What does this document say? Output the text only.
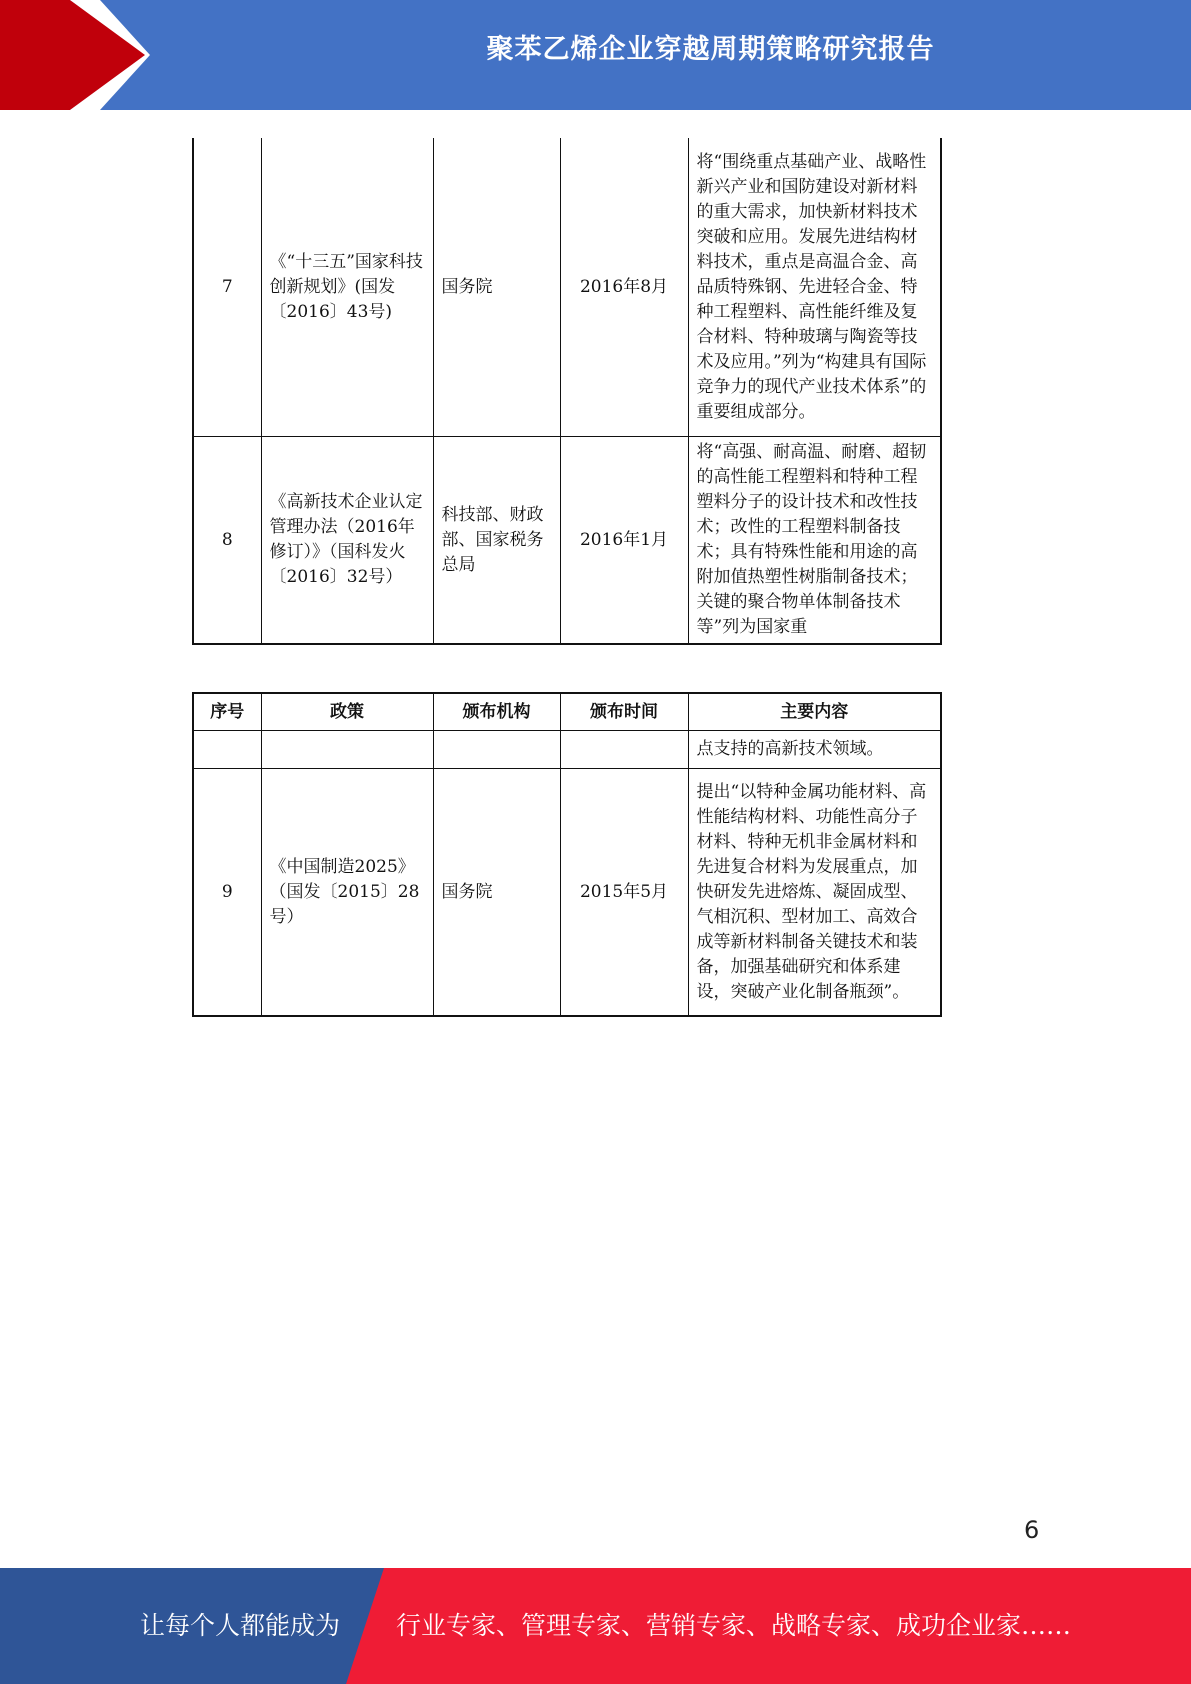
聚苯乙烯企业穿越周期策略研究报告
7	《“十三五”国家科技创新规划》(国发〔2016〕43号)	国务院	2016年8月	将“围绕重点基础产业、战略性新兴产业和国防建设对新材料的重大需求，加快新材料技术突破和应用。发展先进结构材料技术，重点是高温合金、高品质特殊钢、先进轻合金、特种工程塑料、高性能纤维及复合材料、特种玻璃与陶瓷等技术及应用。”列为“构建具有国际竞争力的现代产业技术体系”的重要组成部分。
8	《高新技术企业认定管理办法（2016年修订）》（国科发火〔2016〕32号）	科技部、财政部、国家税务总局	2016年1月	将“高强、耐高温、耐磨、超韧的高性能工程塑料和特种工程塑料分子的设计技术和改性技术；改性的工程塑料制备技术；具有特殊性能和用途的高附加值热塑性树脂制备技术；关键的聚合物单体制备技术等”列为国家重
序号	政策	颁布机构	颁布时间	主要内容
				点支持的高新技术领域。
9	《中国制造2025》（国发〔2015〕28号）	国务院	2015年5月	提出“以特种金属功能材料、高性能结构材料、功能性高分子材料、特种无机非金属材料和先进复合材料为发展重点，加快研发先进熔炼、凝固成型、气相沉积、型材加工、高效合成等新材料制备关键技术和装备，加强基础研究和体系建设，突破产业化制备瓶颈”。
6
让每个人都能成为 行业专家、管理专家、营销专家、战略专家、成功企业家……
